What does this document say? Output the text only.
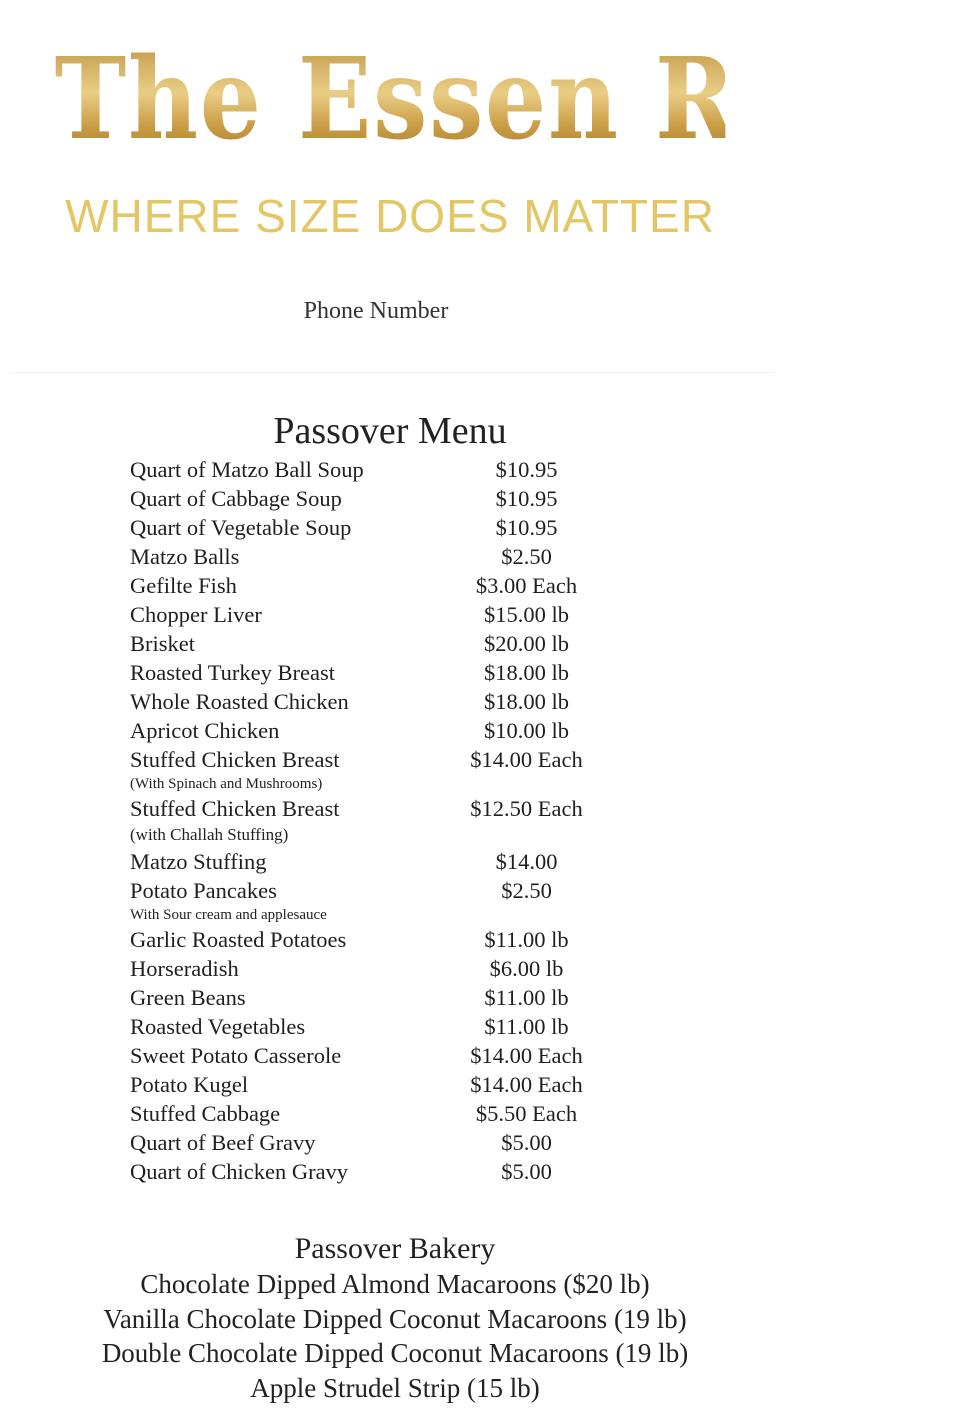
The Essen Room
WHERE SIZE DOES MATTER
Phone Number
Passover Menu
Quart of Matzo Ball Soup	$10.95
Quart of Cabbage Soup	$10.95
Quart of Vegetable Soup	$10.95
Matzo Balls	$2.50
Gefilte Fish	$3.00 Each
Chopper Liver	$15.00 lb
Brisket	$20.00 lb
Roasted Turkey Breast	$18.00 lb
Whole Roasted Chicken	$18.00 lb
Apricot Chicken	$10.00 lb
Stuffed Chicken Breast	$14.00 Each
(With Spinach and Mushrooms)
Stuffed Chicken Breast	$12.50 Each
(with Challah Stuffing)
Matzo Stuffing	$14.00
Potato Pancakes	$2.50
With Sour cream and applesauce
Garlic Roasted Potatoes	$11.00 lb
Horseradish	$6.00 lb
Green Beans	$11.00 lb
Roasted Vegetables	$11.00 lb
Sweet Potato Casserole	$14.00 Each
Potato Kugel	$14.00 Each
Stuffed Cabbage	$5.50 Each
Quart of Beef Gravy	$5.00
Quart of Chicken Gravy	$5.00
Passover Bakery
Chocolate Dipped Almond Macaroons ($20 lb)
Vanilla Chocolate Dipped Coconut Macaroons (19 lb)
Double Chocolate Dipped Coconut Macaroons (19 lb)
Apple Strudel Strip (15 lb)
